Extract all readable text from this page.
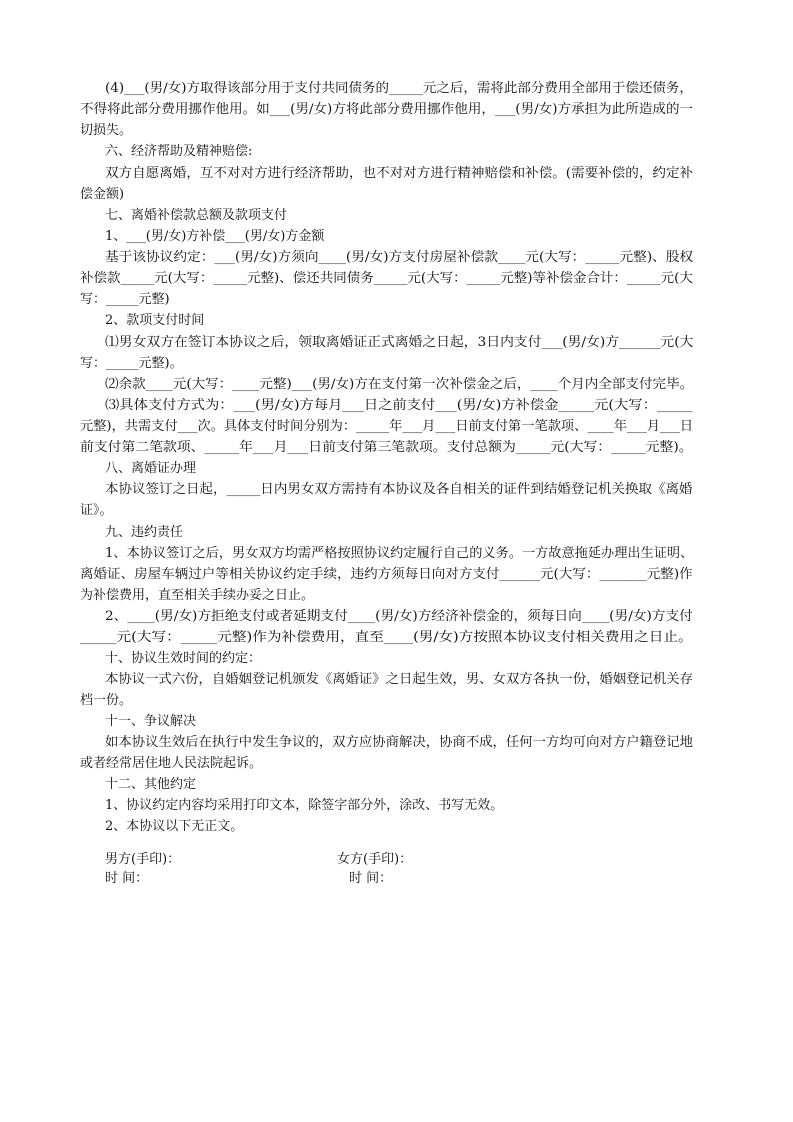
(4)___(男/女)方取得该部分用于支付共同债务的_____元之后，需将此部分费用全部用于偿还债务，
不得将此部分费用挪作他用。如___(男/女)方将此部分费用挪作他用，___(男/女)方承担为此所造成的一
切损失。
六、经济帮助及精神赔偿:
双方自愿离婚，互不对对方进行经济帮助，也不对对方进行精神赔偿和补偿。(需要补偿的，约定补
偿金额)
七、离婚补偿款总额及款项支付
1、___(男/女)方补偿___(男/女)方金额
基于该协议约定：___(男/女)方须向____(男/女)方支付房屋补偿款____元(大写：_____元整)、股权
补偿款_____元(大写：_____元整)、偿还共同债务_____元(大写：_____元整)等补偿金合计：_____元(大
写：_____元整)
2、款项支付时间
⑴男女双方在签订本协议之后，领取离婚证正式离婚之日起，3日内支付___(男/女)方______元(大
写：_____元整)。
⑵余款____元(大写：____元整)___(男/女)方在支付第一次补偿金之后，____个月内全部支付完毕。
⑶具体支付方式为：___(男/女)方每月___日之前支付___(男/女)方补偿金_____元(大写：_____
元整)，共需支付___次。具体支付时间分别为：_____年___月___日前支付第一笔款项、____年___月___日
前支付第二笔款项、_____年___月___日前支付第三笔款项。支付总额为_____元(大写：_____元整)。
八、离婚证办理
本协议签订之日起，_____日内男女双方需持有本协议及各自相关的证件到结婚登记机关换取《离婚
证》。
九、违约责任
1、本协议签订之后，男女双方均需严格按照协议约定履行自己的义务。一方故意拖延办理出生证明、
离婚证、房屋车辆过户等相关协议约定手续，违约方须每日向对方支付______元(大写：_______元整)作
为补偿费用，直至相关手续办妥之日止。
2、____(男/女)方拒绝支付或者延期支付____(男/女)方经济补偿金的，须每日向____(男/女)方支付
_____元(大写：_____元整)作为补偿费用，直至____(男/女)方按照本协议支付相关费用之日止。
十、协议生效时间的约定：
本协议一式六份，自婚姻登记机颁发《离婚证》之日起生效，男、女双方各执一份，婚姻登记机关存
档一份。
十一、争议解决
如本协议生效后在执行中发生争议的，双方应协商解决，协商不成，任何一方均可向对方户籍登记地
或者经常居住地人民法院起诉。
十二、其他约定
1、协议约定内容均采用打印文本，除签字部分外，涂改、书写无效。
2、本协议以下无正文。
男方(手印)：	女方(手印)：
时 间：	时 间：
